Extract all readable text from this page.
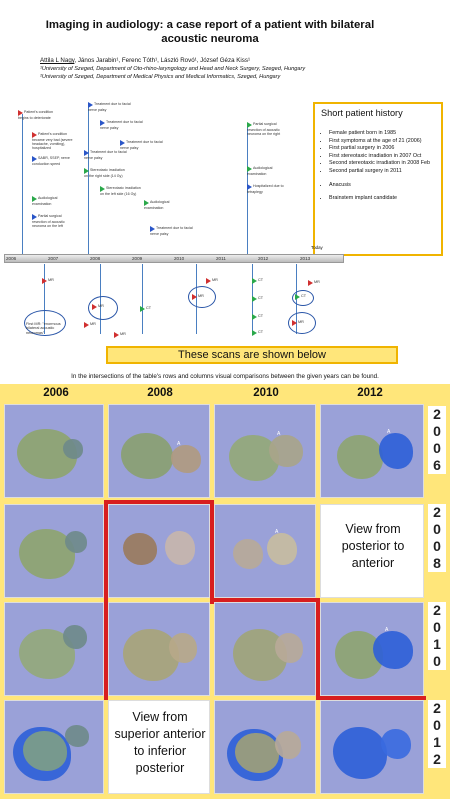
Imaging in audiology: a case report of a patient with bilateral acoustic neuroma
Attila L Nagy, János Jarabin¹, Ferenc Tóth¹, László Rovó¹, József Géza Kiss¹
¹University of Szeged, Department of Oto-rhino-laryngology and Head and Neck Surgery, Szeged, Hungary
²University of Szeged, Department of Medical Physics and Medical Informatics, Szeged, Hungary
Short patient history
• Female patient born in 1985
• First symptoms at the age of 21 (2006)
• First partial surgery in 2006
• First stereotaxic irradiation in 2007 Oct
• Second stereotaxic irradiation in 2008 Feb
• Second partial surgery in 2011
• Anacusis
• Brainstem implant candidate
2006	2007	2008	2009	2010	2011	2012	2013
Today
Patient's condition begins to deteriorate
Patient's condition became very bad (severe headache, vomiting), hospitalized
SABR, SSEP, nerve conduction speed
Audiological examination
Partial surgical resection of acoustic neuroma on the left
Treatment due to facial nerve palsy
Treatment due to facial nerve palsy
Treatment due to facial nerve palsy
Stereotaxic irradiation on the right side (14 Gy)
Stereotaxic irradiation on the left side (16 Gy)
Treatment due to facial nerve palsy
Audiological examination
Treatment due to facial nerve palsy
Partial surgical resection of acoustic neuroma on the right
Audiological examination
Hospitalized due to tetraplegy
MR
First MR: "enormous bilateral acoustic neuromas"
MR
MR
MR
CT
MR
MR
CT
CT
CT
CT
MR
CT
MR
These scans are shown below
In the intersections of the table's rows and columns visual comparisons between the given years can be found.
2006	2008	2010	2012
A
A	A
A	View from posterior to anterior
A
View from superior anterior to inferior posterior
2
0
0
6
2
0
0
8
2
0
1
0
2
0
1
2
